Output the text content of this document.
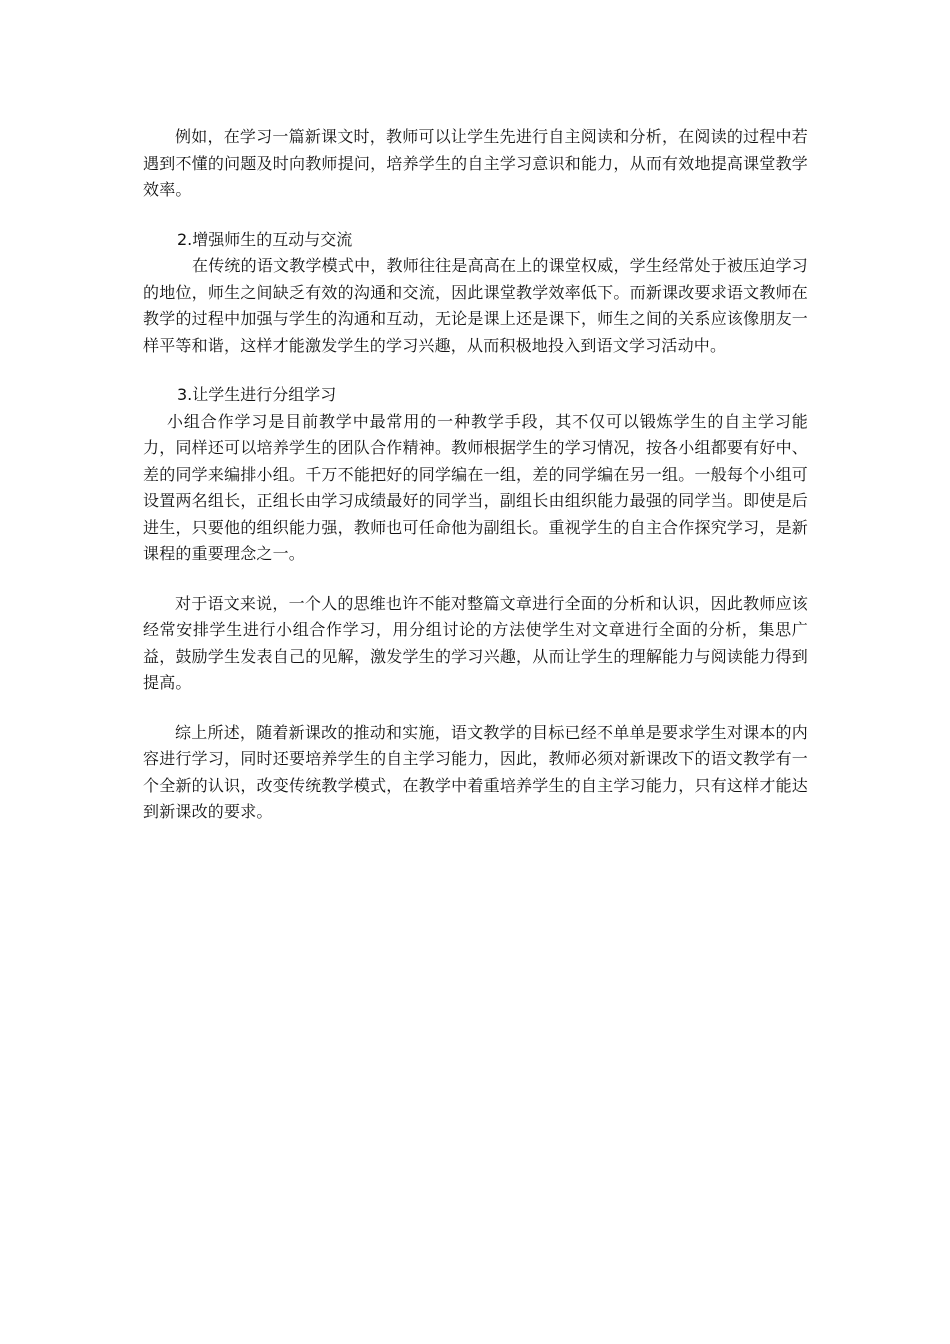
例如，在学习一篇新课文时，教师可以让学生先进行自主阅读和分析，在阅读的过程中若遇到不懂的问题及时向教师提问，培养学生的自主学习意识和能力，从而有效地提高课堂教学效率。

2.增强师生的互动与交流

在传统的语文教学模式中，教师往往是高高在上的课堂权威，学生经常处于被压迫学习的地位，师生之间缺乏有效的沟通和交流，因此课堂教学效率低下。而新课改要求语文教师在教学的过程中加强与学生的沟通和互动，无论是课上还是课下，师生之间的关系应该像朋友一样平等和谐，这样才能激发学生的学习兴趣，从而积极地投入到语文学习活动中。

3.让学生进行分组学习

小组合作学习是目前教学中最常用的一种教学手段，其不仅可以锻炼学生的自主学习能力，同样还可以培养学生的团队合作精神。教师根据学生的学习情况，按各小组都要有好中、差的同学来编排小组。千万不能把好的同学编在一组，差的同学编在另一组。一般每个小组可设置两名组长，正组长由学习成绩最好的同学当，副组长由组织能力最强的同学当。即使是后进生，只要他的组织能力强，教师也可任命他为副组长。重视学生的自主合作探究学习，是新课程的重要理念之一。

对于语文来说，一个人的思维也许不能对整篇文章进行全面的分析和认识，因此教师应该经常安排学生进行小组合作学习，用分组讨论的方法使学生对文章进行全面的分析，集思广益，鼓励学生发表自己的见解，激发学生的学习兴趣，从而让学生的理解能力与阅读能力得到提高。

综上所述，随着新课改的推动和实施，语文教学的目标已经不单单是要求学生对课本的内容进行学习，同时还要培养学生的自主学习能力，因此，教师必须对新课改下的语文教学有一个全新的认识，改变传统教学模式，在教学中着重培养学生的自主学习能力，只有这样才能达到新课改的要求。
